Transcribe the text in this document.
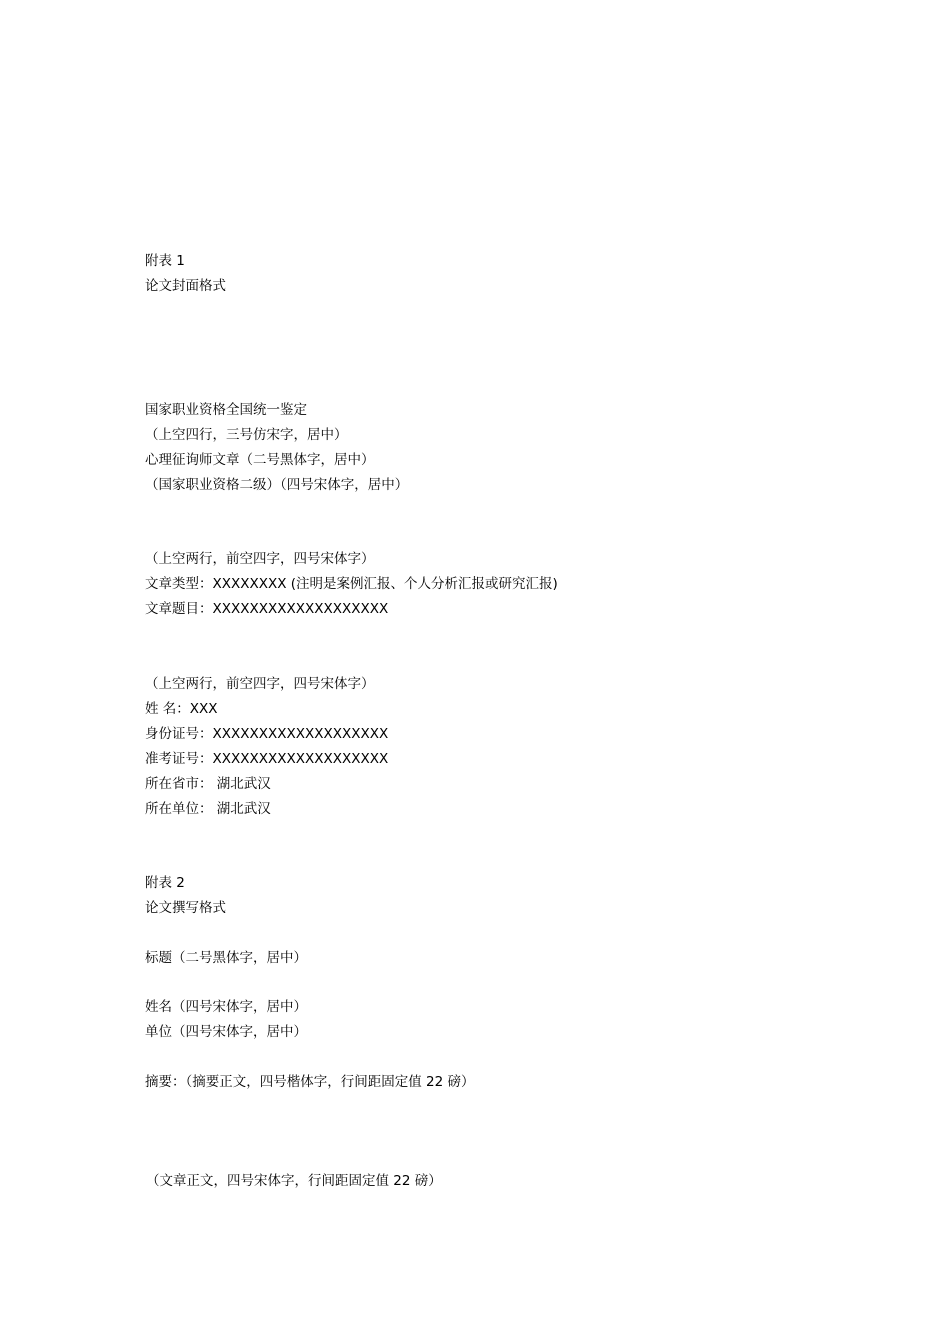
附表 1
论文封面格式
国家职业资格全国统一鉴定
（上空四行，三号仿宋字，居中）
心理征询师文章（二号黑体字，居中）
（国家职业资格二级）（四号宋体字，居中）
（上空两行，前空四字，四号宋体字）
文章类型：XXXXXXXX (注明是案例汇报、个人分析汇报或研究汇报)
文章题目：XXXXXXXXXXXXXXXXXXX
（上空两行，前空四字，四号宋体字）
姓 名：XXX
身份证号：XXXXXXXXXXXXXXXXXXX
准考证号：XXXXXXXXXXXXXXXXXXX
所在省市： 湖北武汉
所在单位： 湖北武汉
附表 2
论文撰写格式
标题（二号黑体字，居中）
姓名（四号宋体字，居中）
单位（四号宋体字，居中）
摘要：（摘要正文，四号楷体字，行间距固定值 22 磅）
（文章正文，四号宋体字，行间距固定值 22 磅）
